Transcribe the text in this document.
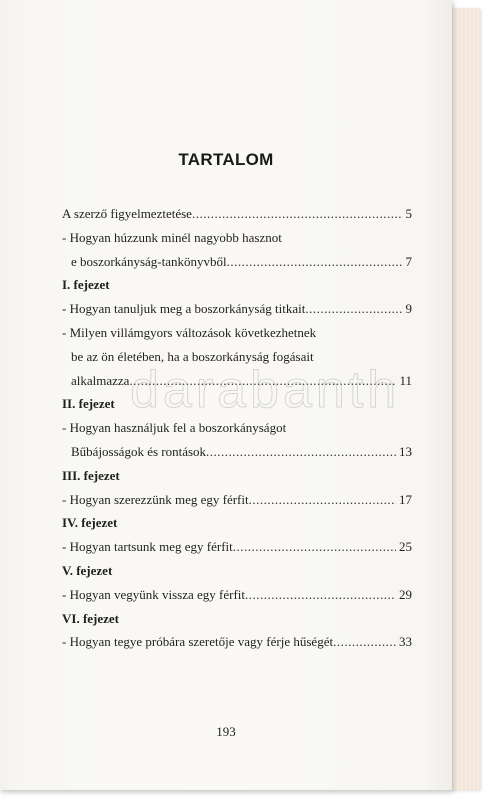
TARTALOM
A szerző figyelmeztetése .....	5
- Hogyan húzzunk minél nagyobb hasznot
e boszorkányság-tankönyvből .....	7
I. fejezet
- Hogyan tanuljuk meg a boszorkányság titkait .....	9
- Milyen villámgyors változások következhetnek
be az ön életében, ha a boszorkányság fogásait
alkalmazza .....	11
II. fejezet
- Hogyan használjuk fel a boszorkányságot
Bűbájosságok és rontások .....	13
III. fejezet
- Hogyan szerezzünk meg egy férfit .....	17
IV. fejezet
- Hogyan tartsunk meg egy férfit .....	25
V. fejezet
- Hogyan vegyünk vissza egy férfit .....	29
VI. fejezet
- Hogyan tegye próbára szeretője vagy férje hűségét .....	33
darabanth
193
